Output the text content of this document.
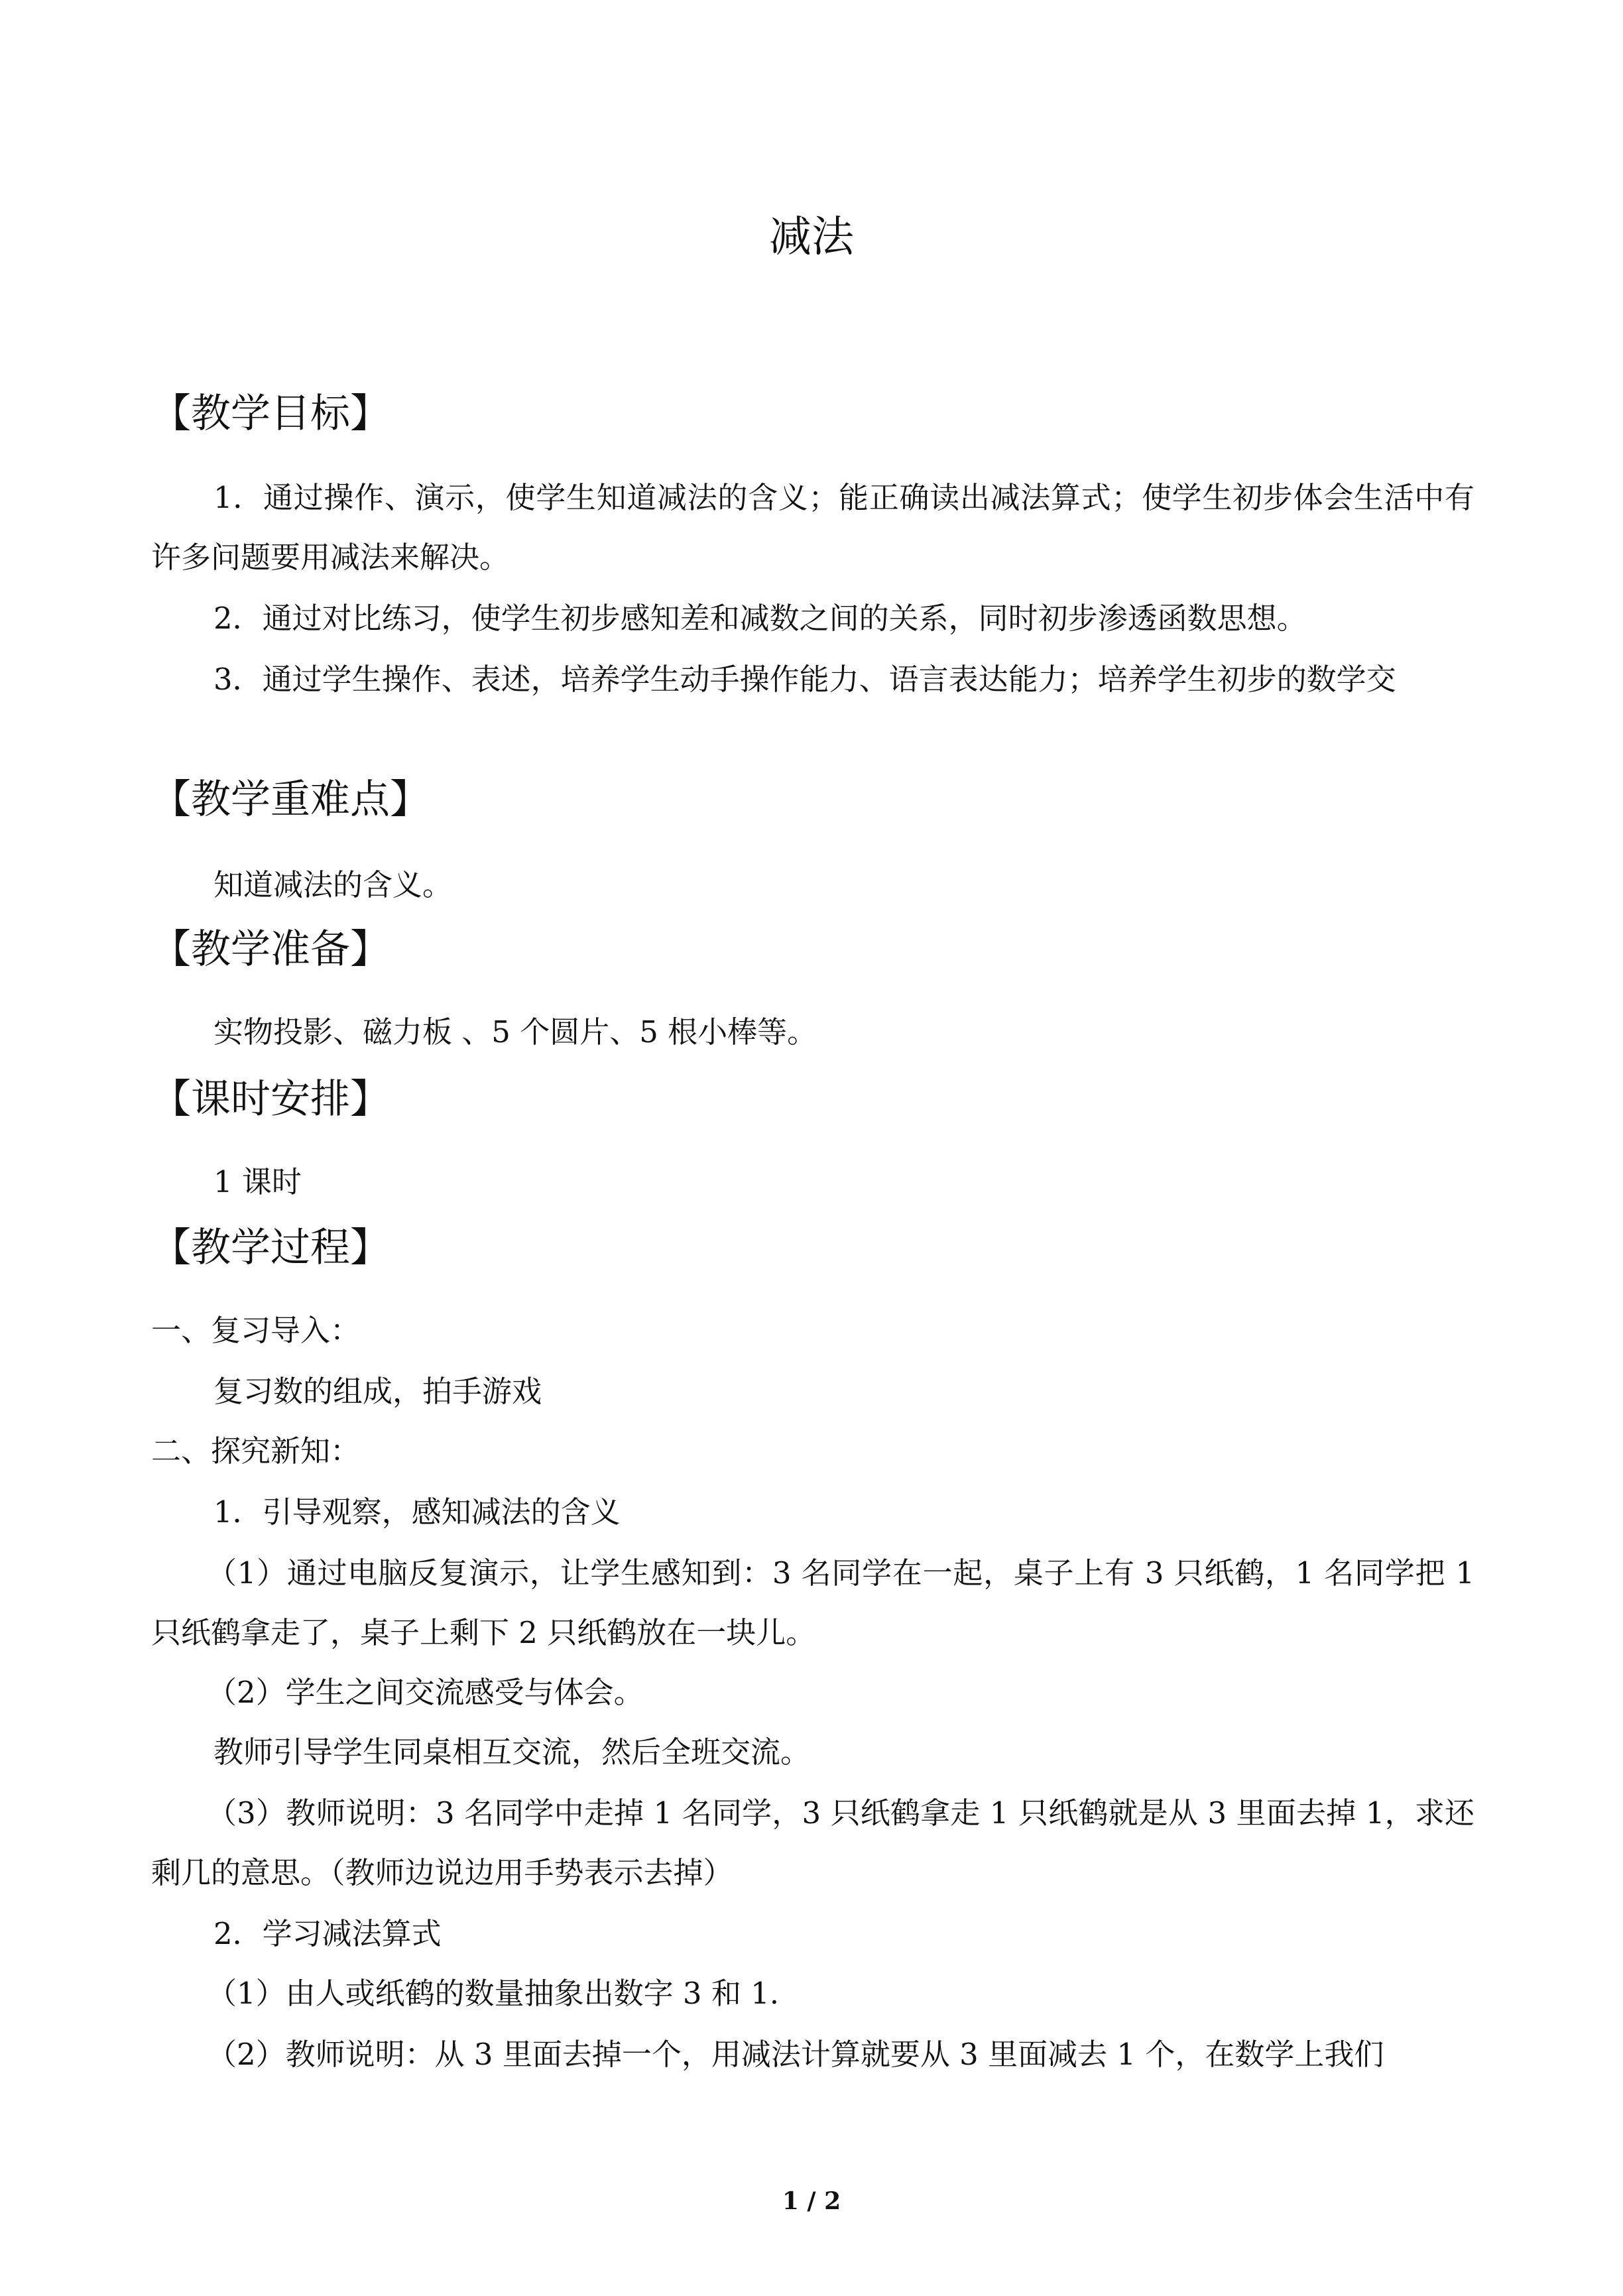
减法
【教学目标】
1．通过操作、演示，使学生知道减法的含义；能正确读出减法算式；使学生初步体会生活中有许多问题要用减法来解决。
2．通过对比练习，使学生初步感知差和减数之间的关系，同时初步渗透函数思想。
3．通过学生操作、表述，培养学生动手操作能力、语言表达能力；培养学生初步的数学交
【教学重难点】
知道减法的含义。
【教学准备】
实物投影、磁力板 、5 个圆片、5 根小棒等。
【课时安排】
1 课时
【教学过程】
一、复习导入：
复习数的组成，拍手游戏
二、探究新知：
1．引导观察，感知减法的含义
（1）通过电脑反复演示，让学生感知到：3 名同学在一起，桌子上有 3 只纸鹤，1 名同学把 1 只纸鹤拿走了，桌子上剩下 2 只纸鹤放在一块儿。
（2）学生之间交流感受与体会。
教师引导学生同桌相互交流，然后全班交流。
（3）教师说明：3 名同学中走掉 1 名同学，3 只纸鹤拿走 1 只纸鹤就是从 3 里面去掉 1，求还剩几的意思。（教师边说边用手势表示去掉）
2．学习减法算式
（1）由人或纸鹤的数量抽象出数字 3 和 1.
（2）教师说明：从 3 里面去掉一个，用减法计算就要从 3 里面减去 1 个，在数学上我们
1 / 2
